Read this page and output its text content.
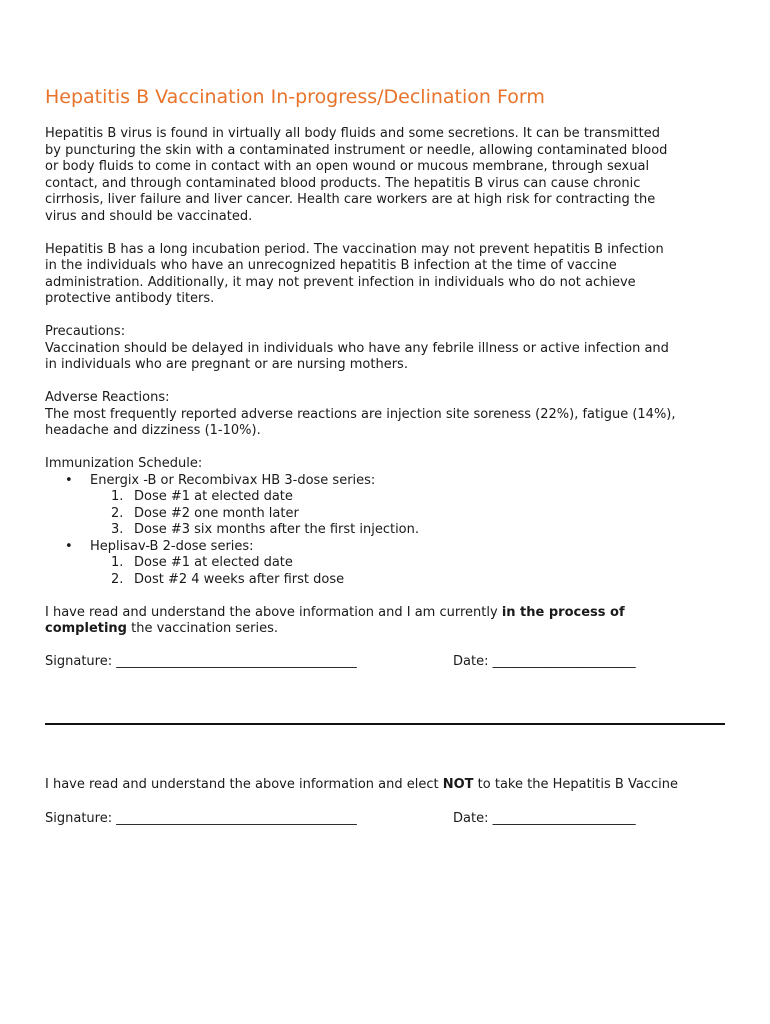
Hepatitis B Vaccination In-progress/Declination Form
Hepatitis B virus is found in virtually all body fluids and some secretions. It can be transmitted
by puncturing the skin with a contaminated instrument or needle, allowing contaminated blood
or body fluids to come in contact with an open wound or mucous membrane, through sexual
contact, and through contaminated blood products. The hepatitis B virus can cause chronic
cirrhosis, liver failure and liver cancer. Health care workers are at high risk for contracting the
virus and should be vaccinated.
Hepatitis B has a long incubation period. The vaccination may not prevent hepatitis B infection
in the individuals who have an unrecognized hepatitis B infection at the time of vaccine
administration. Additionally, it may not prevent infection in individuals who do not achieve
protective antibody titers.
Precautions:
Vaccination should be delayed in individuals who have any febrile illness or active infection and
in individuals who are pregnant or are nursing mothers.
Adverse Reactions:
The most frequently reported adverse reactions are injection site soreness (22%), fatigue (14%),
headache and dizziness (1-10%).
Immunization Schedule:
• Energix -B or Recombivax HB 3-dose series:
1. Dose #1 at elected date
2. Dose #2 one month later
3. Dose #3 six months after the first injection.
• Heplisav-B 2-dose series:
1. Dose #1 at elected date
2. Dost #2 4 weeks after first dose
I have read and understand the above information and I am currently in the process of
completing the vaccination series.
Signature: _____________________________________	Date: ______________________
I have read and understand the above information and elect NOT to take the Hepatitis B Vaccine
Signature: _____________________________________	Date: ______________________
